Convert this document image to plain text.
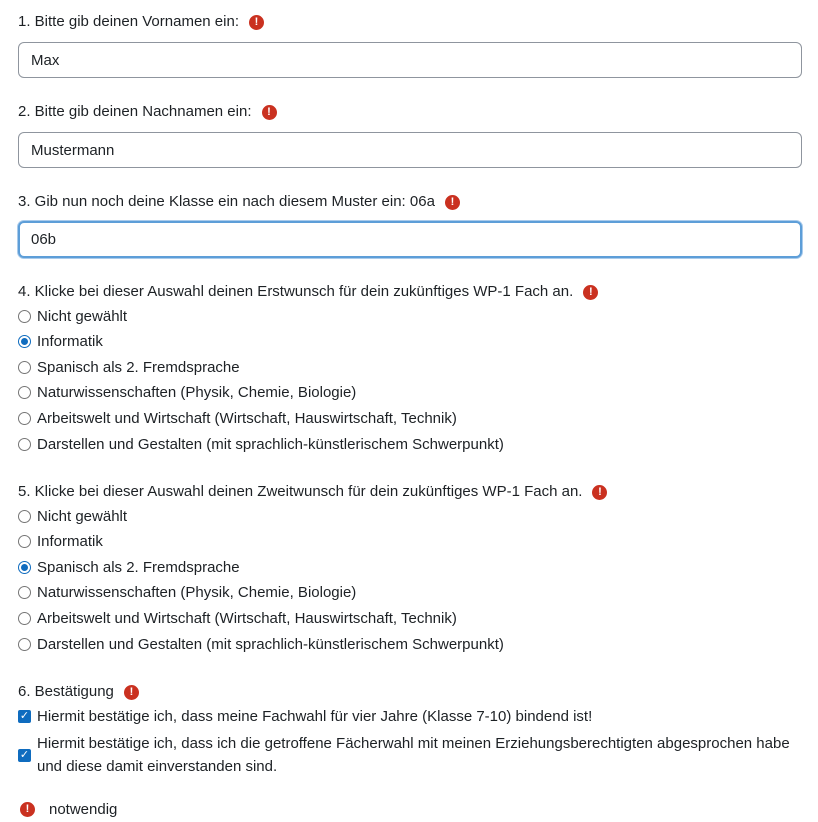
1. Bitte gib deinen Vornamen ein:	!
Max
2. Bitte gib deinen Nachnamen ein:	!
Mustermann
3. Gib nun noch deine Klasse ein nach diesem Muster ein: 06a	!
06b
4. Klicke bei dieser Auswahl deinen Erstwunsch für dein zukünftiges WP-1 Fach an.	!
Nicht gewählt
Informatik
Spanisch als 2. Fremdsprache
Naturwissenschaften (Physik, Chemie, Biologie)
Arbeitswelt und Wirtschaft (Wirtschaft, Hauswirtschaft, Technik)
Darstellen und Gestalten (mit sprachlich-künstlerischem Schwerpunkt)
5. Klicke bei dieser Auswahl deinen Zweitwunsch für dein zukünftiges WP-1 Fach an.	!
Nicht gewählt
Informatik
Spanisch als 2. Fremdsprache
Naturwissenschaften (Physik, Chemie, Biologie)
Arbeitswelt und Wirtschaft (Wirtschaft, Hauswirtschaft, Technik)
Darstellen und Gestalten (mit sprachlich-künstlerischem Schwerpunkt)
6. Bestätigung	!
✓ Hiermit bestätige ich, dass meine Fachwahl für vier Jahre (Klasse 7-10) bindend ist!
✓
Hiermit bestätige ich, dass ich die getroffene Fächerwahl mit meinen Erziehungsberechtigten abgesprochen habe und diese damit einverstanden sind.
!	notwendig
